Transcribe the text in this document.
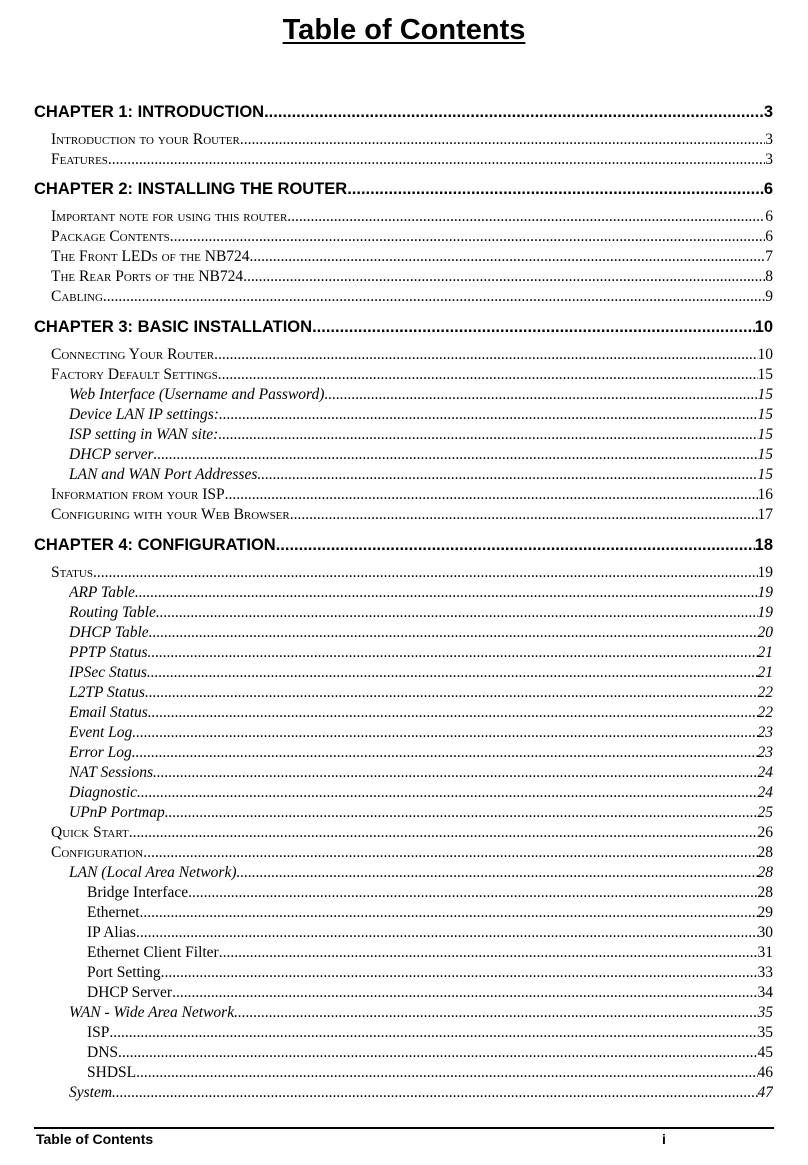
Table of Contents
CHAPTER 1: INTRODUCTION .....	3
Introduction to your Router .....	3
Features .....	3
CHAPTER 2: INSTALLING THE ROUTER .....	6
Important note for using this router .....	6
Package Contents .....	6
The Front LEDs of the NB724 .....	7
The Rear Ports of the NB724 .....	8
Cabling .....	9
CHAPTER 3: BASIC INSTALLATION .....	10
Connecting Your Router .....	10
Factory Default Settings .....	15
Web Interface (Username and Password) .....	15
Device LAN IP settings: .....	15
ISP setting in WAN site: .....	15
DHCP server .....	15
LAN and WAN Port Addresses .....	15
Information from your ISP .....	16
Configuring with your Web Browser .....	17
CHAPTER 4: CONFIGURATION .....	18
Status .....	19
ARP Table .....	19
Routing Table .....	19
DHCP Table .....	20
PPTP Status .....	21
IPSec Status .....	21
L2TP Status .....	22
Email Status .....	22
Event Log .....	23
Error Log .....	23
NAT Sessions .....	24
Diagnostic .....	24
UPnP Portmap .....	25
Quick Start .....	26
Configuration .....	28
LAN (Local Area Network) .....	28
Bridge Interface .....	28
Ethernet .....	29
IP Alias .....	30
Ethernet Client Filter .....	31
Port Setting .....	33
DHCP Server .....	34
WAN - Wide Area Network .....	35
ISP .....	35
DNS .....	45
SHDSL .....	46
System .....	47
Table of Contents	i
